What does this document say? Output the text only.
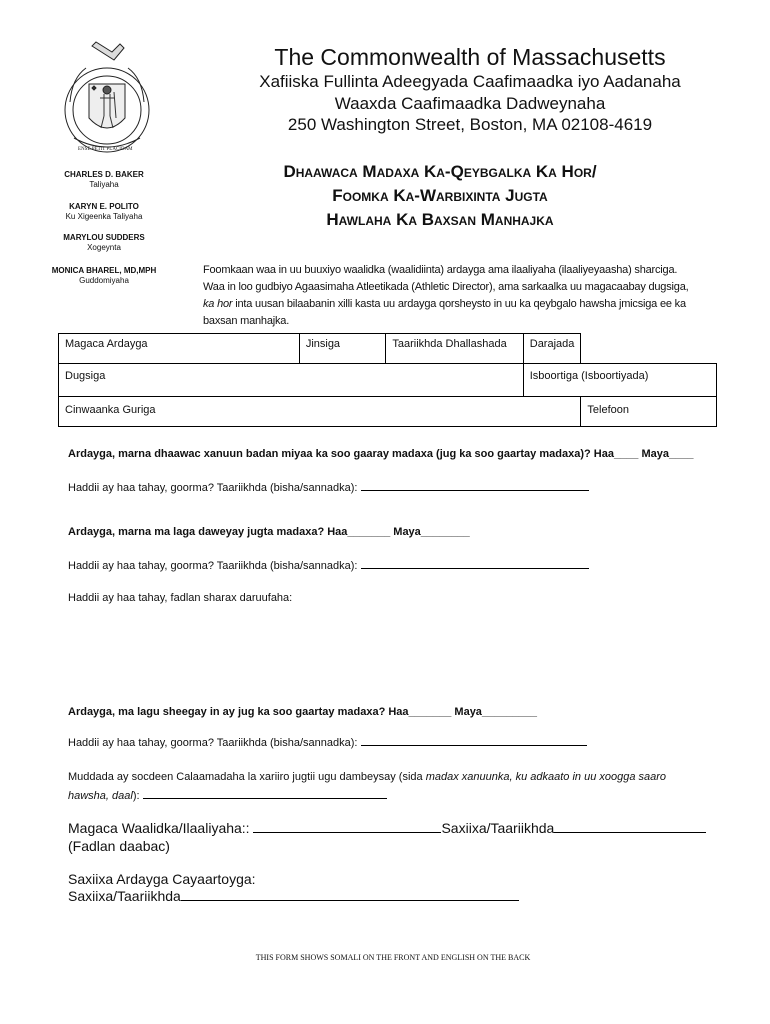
ENSE PETIT PLACIDAM
The Commonwealth of Massachusetts
Xafiiska Fullinta Adeegyada Caafimaadka iyo Aadanaha
Waaxda Caafimaadka Dadweynaha
250 Washington Street, Boston, MA 02108-4619
CHARLES D. BAKER
Taliyaha
KARYN E. POLITO
Ku Xigeenka Taliyaha
MARYLOU SUDDERS
Xogeynta
MONICA BHAREL, MD,MPH
Guddomiyaha
Dhaawaca Madaxa Ka-Qeybgalka Ka Hor/
Foomka Ka-Warbixinta Jugta
Hawlaha Ka Baxsan Manhajka
Foomkaan waa in uu buuxiyo waalidka (waalidiinta) ardayga ama ilaaliyaha (ilaaliyeyaasha) sharciga. Waa in loo gudbiyo Agaasimaha Atleetikada (Athletic Director), ama sarkaalka uu magacaabay dugsiga, ka hor inta uusan bilaabanin xilli kasta uu ardayga qorsheysto in uu ka qeybgalo hawsha jmicsiga ee ka baxsan manhajka.
Magaca Ardayga	Jinsiga	Taariikhda Dhallashada	Darajada	
Dugsiga			Isboortiga (Isboortiyada)	
Cinwaanka Guriga				Telefoon
Ardayga, marna dhaawac xanuun badan miyaa ka soo gaaray madaxa (jug ka soo gaartay madaxa)? Haa____ Maya____
Haddii ay haa tahay, goorma? Taariikhda (bisha/sannadka):
Ardayga, marna ma laga daweyay jugta madaxa? Haa_______ Maya________
Haddii ay haa tahay, goorma? Taariikhda (bisha/sannadka):
Haddii ay haa tahay, fadlan sharax daruufaha:
Ardayga, ma lagu sheegay in ay jug ka soo gaartay madaxa? Haa_______ Maya_________
Haddii ay haa tahay, goorma? Taariikhda (bisha/sannadka):
Muddada ay socdeen Calaamadaha la xariiro jugtii ugu dambeysay (sida madax xanuunka, ku adkaato in uu xoogga saaro
hawsha, daal):
Magaca Waalidka/Ilaaliyaha::	Saxiixa/Taariikhda
(Fadlan daabac)
Saxiixa Ardayga Cayaartoyga:
Saxiixa/Taariikhda
THIS FORM SHOWS SOMALI ON THE FRONT AND ENGLISH ON THE BACK
